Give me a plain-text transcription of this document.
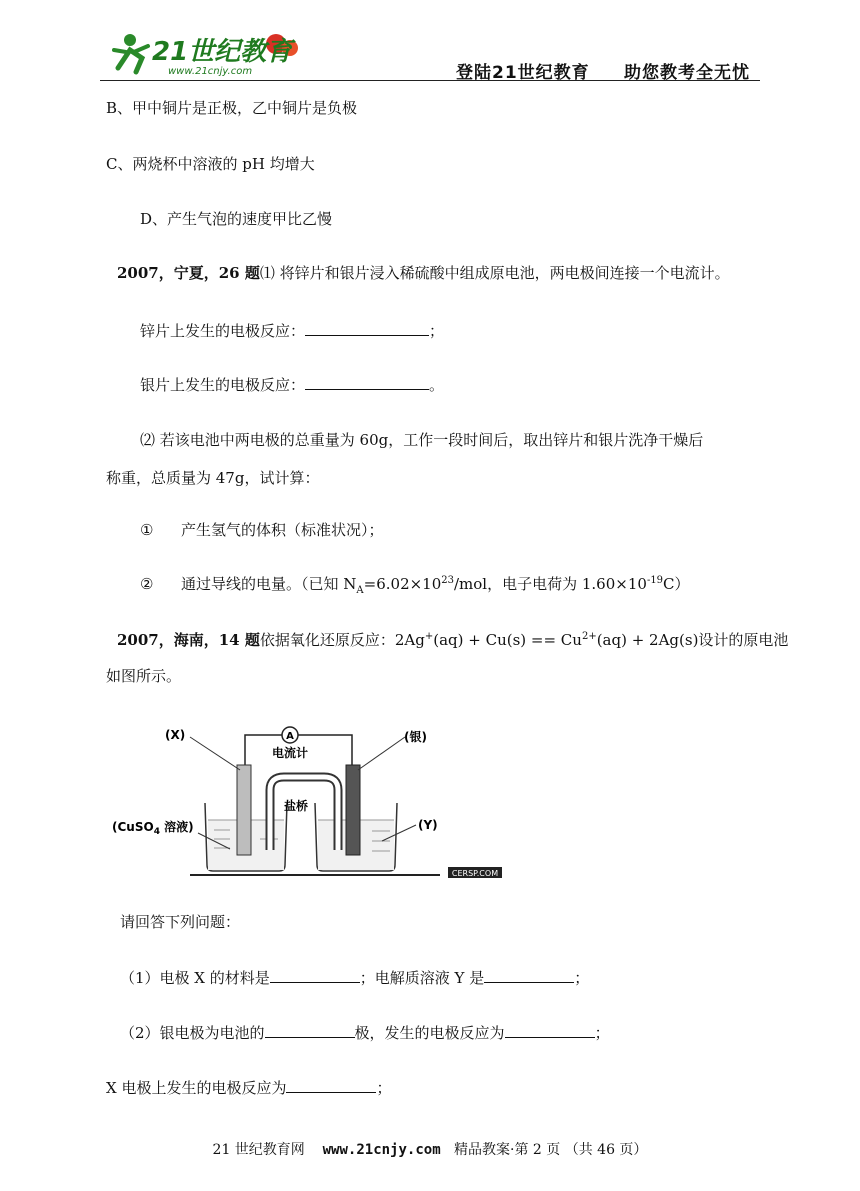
21世纪教育
www.21cnjy.com	登陆21世纪教育 助您教考全无忧
B、甲中铜片是正极，乙中铜片是负极
C、两烧杯中溶液的 pH 均增大
D、产生气泡的速度甲比乙慢
2007，宁夏，26 题⑴ 将锌片和银片浸入稀硫酸中组成原电池，两电极间连接一个电流计。
锌片上发生的电极反应：	；
银片上发生的电极反应：	。
⑵ 若该电池中两电极的总重量为 60g，工作一段时间后，取出锌片和银片洗净干燥后
称重，总质量为 47g，试计算：
① 产生氢气的体积（标准状况）；
② 通过导线的电量。（已知 $N_A=6.02\times 10^{23}$/mol，电子电荷为 $1.60\times 10^{-19}C$）
2007，海南，14 题依据氧化还原反应：$2Ag^+(aq) + Cu(s) == Cu^{2+}(aq) + 2Ag(s)$设计的原电池
如图所示。
A
(X)
电流计
(银)
盐桥
(CuSO$_4$ 溶液)	(Y)
CERSP.COM
请回答下列问题：
（1）电极 X 的材料是	；电解质溶液 Y 是	；
（2）银电极为电池的	极，发生的电极反应为	；
X 电极上发生的电极反应为	；
21 世纪教育网 www.21cnjy.com 精品教案·第 2 页 （共 46 页）
